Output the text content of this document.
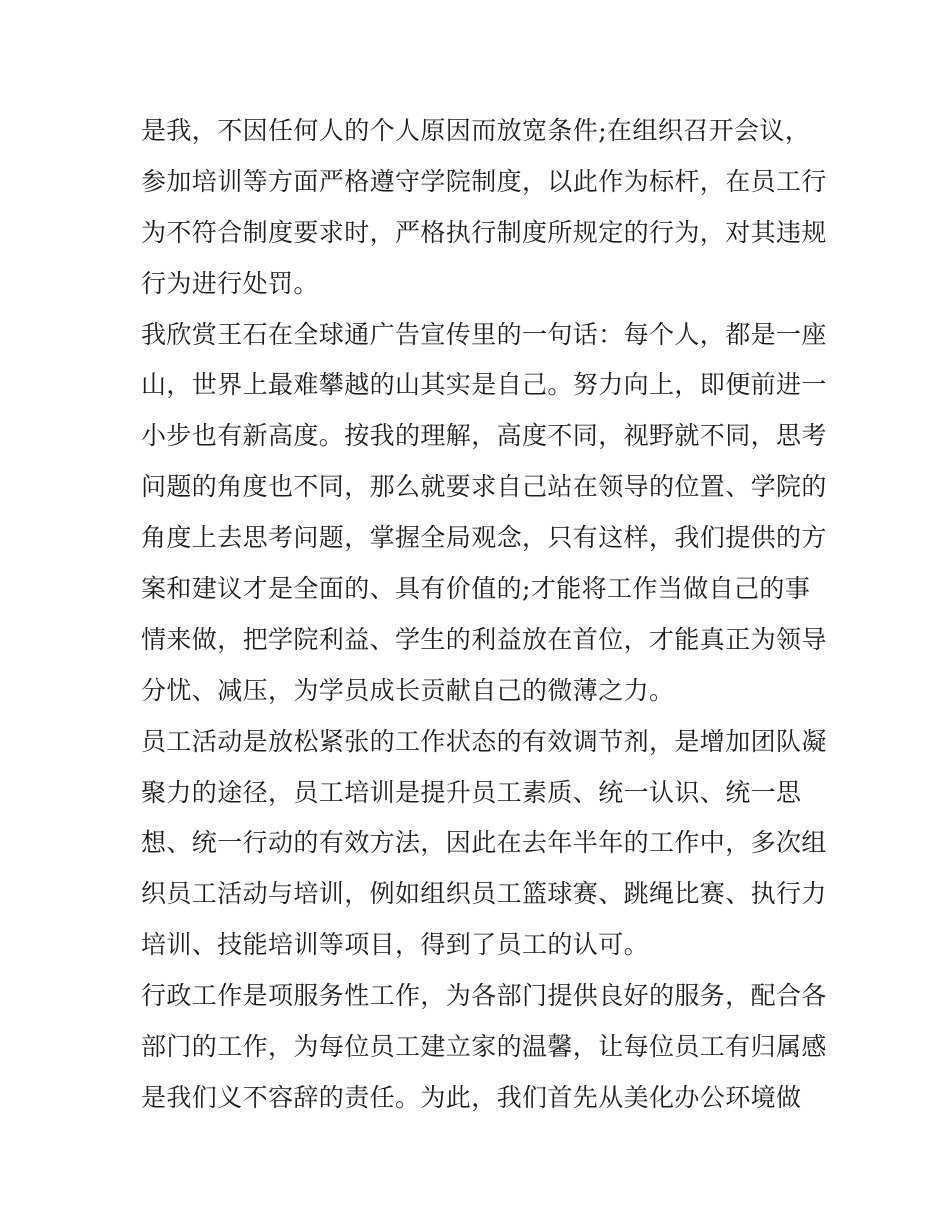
是我，不因任何人的个人原因而放宽条件;在组织召开会议，
参加培训等方面严格遵守学院制度，以此作为标杆，在员工行
为不符合制度要求时，严格执行制度所规定的行为，对其违规
行为进行处罚。
我欣赏王石在全球通广告宣传里的一句话：每个人，都是一座
山，世界上最难攀越的山其实是自己。努力向上，即便前进一
小步也有新高度。按我的理解，高度不同，视野就不同，思考
问题的角度也不同，那么就要求自己站在领导的位置、学院的
角度上去思考问题，掌握全局观念，只有这样，我们提供的方
案和建议才是全面的、具有价值的;才能将工作当做自己的事
情来做，把学院利益、学生的利益放在首位，才能真正为领导
分忧、减压，为学员成长贡献自己的微薄之力。
员工活动是放松紧张的工作状态的有效调节剂，是增加团队凝
聚力的途径，员工培训是提升员工素质、统一认识、统一思
想、统一行动的有效方法，因此在去年半年的工作中，多次组
织员工活动与培训，例如组织员工篮球赛、跳绳比赛、执行力
培训、技能培训等项目，得到了员工的认可。
行政工作是项服务性工作，为各部门提供良好的服务，配合各
部门的工作，为每位员工建立家的温馨，让每位员工有归属感
是我们义不容辞的责任。为此，我们首先从美化办公环境做
